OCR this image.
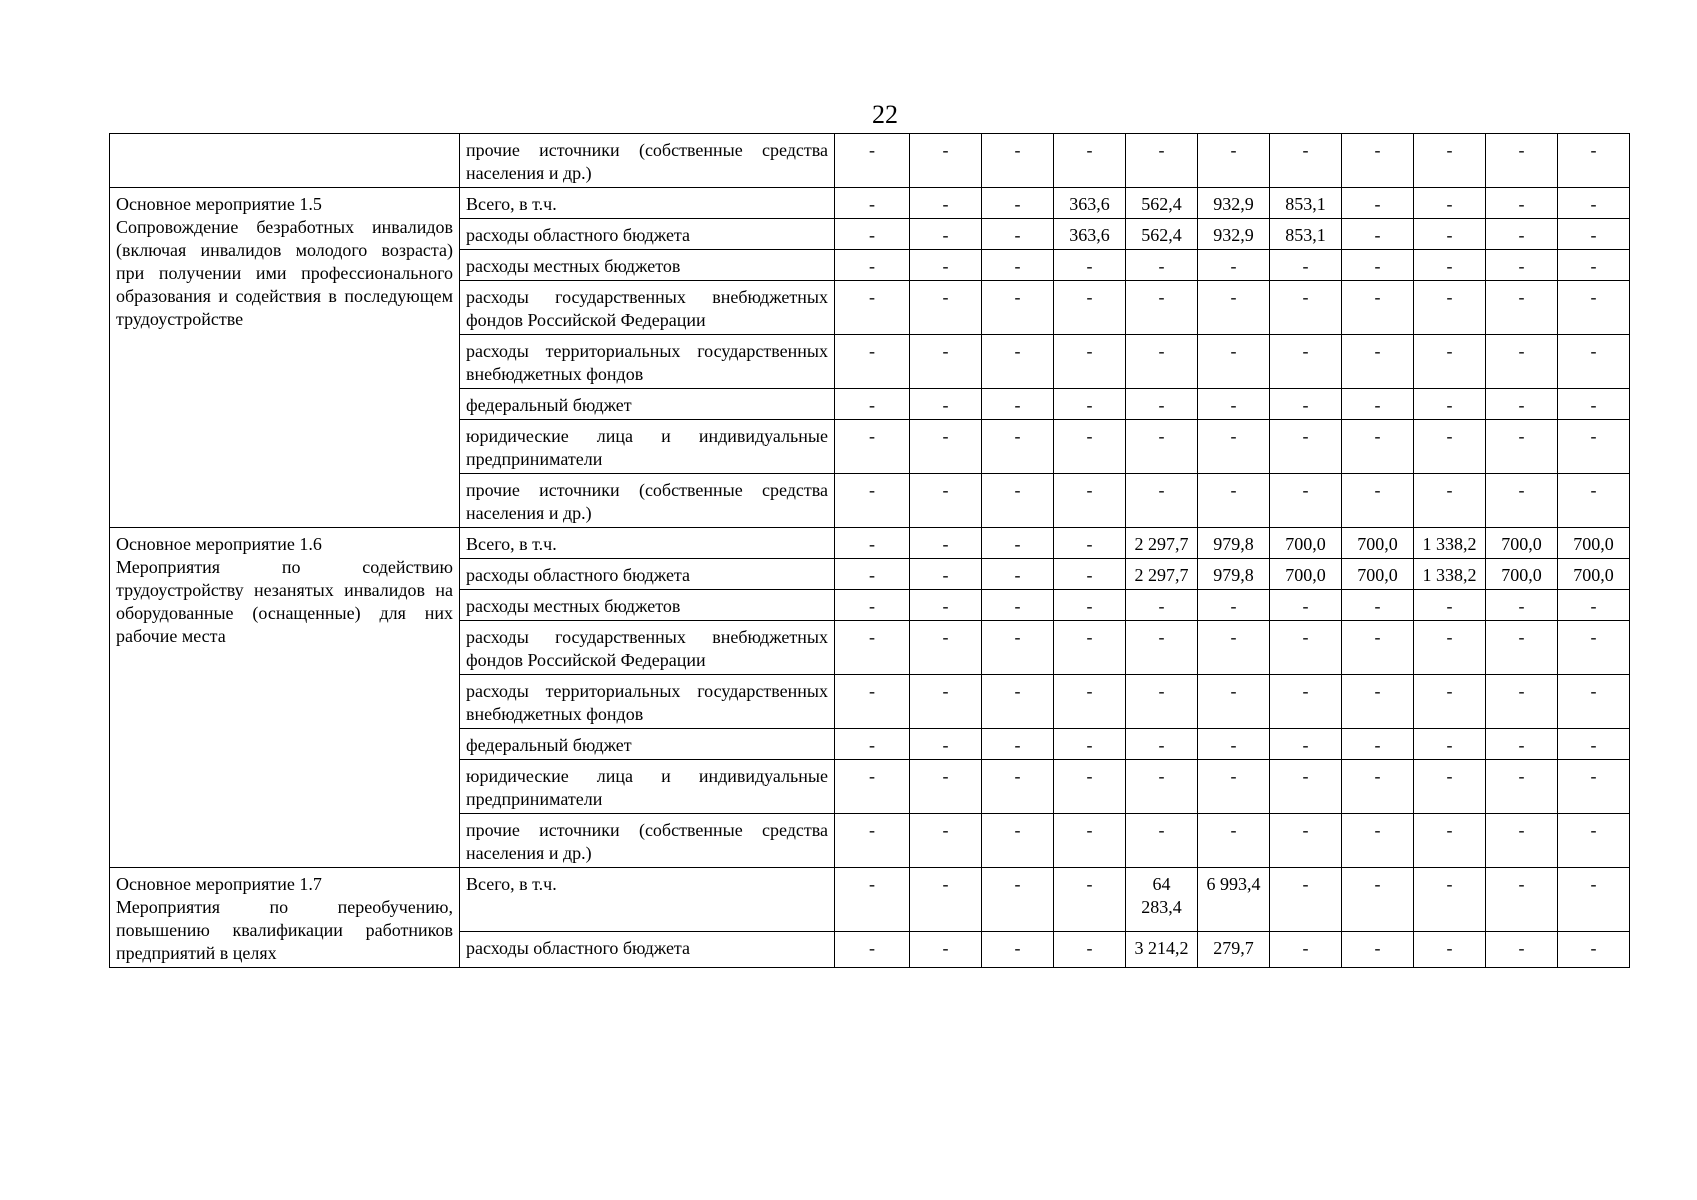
22
	прочие источники (собственные средства населения и др.)	-	-	-	-	-	-	-	-	-	-	-

Основное мероприятие 1.5
Сопровождение безработных инвалидов (включая инвалидов молодого возраста) при получении ими профессионального образования и содействия в последующем трудоустройстве	Всего, в т.ч.	-	-	-	363,6	562,4	932,9	853,1	-	-	-	-

	расходы областного бюджета	-	-	-	363,6	562,4	932,9	853,1	-	-	-	-

	расходы местных бюджетов	-	-	-	-	-	-	-	-	-	-	-

	расходы государственных внебюджетных фондов Российской Федерации	-	-	-	-	-	-	-	-	-	-	-

	расходы территориальных государственных внебюджетных фондов	-	-	-	-	-	-	-	-	-	-	-

	федеральный бюджет	-	-	-	-	-	-	-	-	-	-	-

	юридические лица и индивидуальные предприниматели	-	-	-	-	-	-	-	-	-	-	-

	прочие источники (собственные средства населения и др.)	-	-	-	-	-	-	-	-	-	-	-

Основное мероприятие 1.6
Мероприятия по содействию трудоустройству незанятых инвалидов на оборудованные (оснащенные) для них рабочие места	Всего, в т.ч.	-	-	-	-	2 297,7	979,8	700,0	700,0	1 338,2	700,0	700,0

	расходы областного бюджета	-	-	-	-	2 297,7	979,8	700,0	700,0	1 338,2	700,0	700,0

	расходы местных бюджетов	-	-	-	-	-	-	-	-	-	-	-

	расходы государственных внебюджетных фондов Российской Федерации	-	-	-	-	-	-	-	-	-	-	-

	расходы территориальных государственных внебюджетных фондов	-	-	-	-	-	-	-	-	-	-	-

	федеральный бюджет	-	-	-	-	-	-	-	-	-	-	-

	юридические лица и индивидуальные предприниматели	-	-	-	-	-	-	-	-	-	-	-

	прочие источники (собственные средства населения и др.)	-	-	-	-	-	-	-	-	-	-	-

Основное мероприятие 1.7
Мероприятия по переобучению, повышению квалификации работников предприятий в целях	Всего, в т.ч.	-	-	-	-	64 283,4	6 993,4	-	-	-	-	-

	расходы областного бюджета	-	-	-	-	3 214,2	279,7	-	-	-	-	-
